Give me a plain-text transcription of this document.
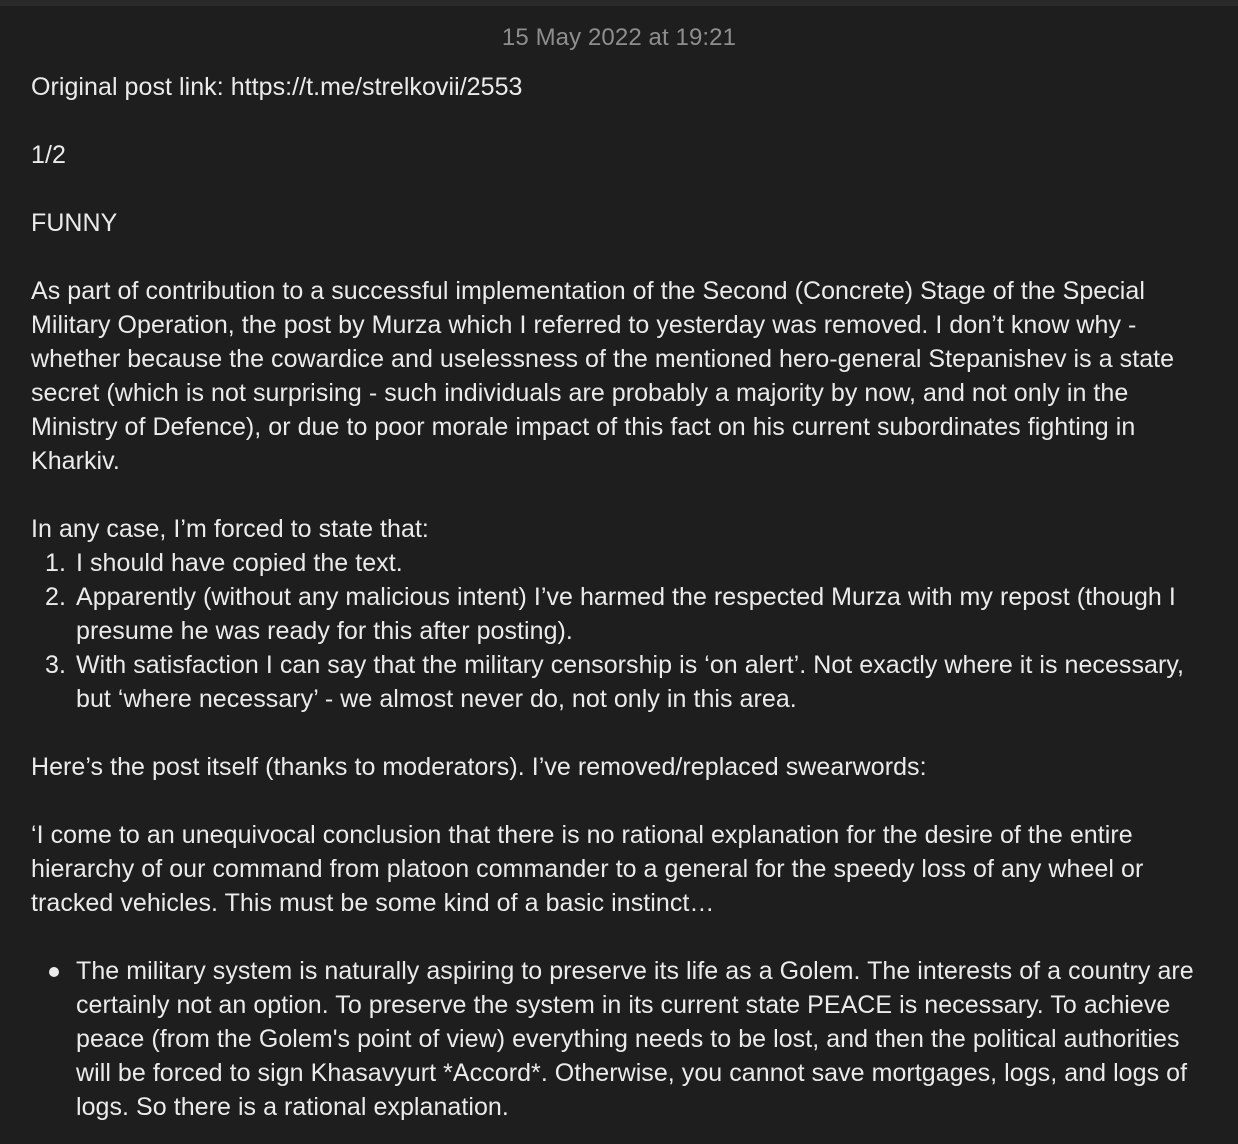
15 May 2022 at 19:21

Original post link: https://t.me/strelkovii/2553

1/2

FUNNY

As part of contribution to a successful implementation of the Second (Concrete) Stage of the Special Military Operation, the post by Murza which I referred to yesterday was removed. I don’t know why - whether because the cowardice and uselessness of the mentioned hero-general Stepanishev is a state secret (which is not surprising - such individuals are probably a majority by now, and not only in the Ministry of Defence), or due to poor morale impact of this fact on his current subordinates fighting in Kharkiv.

In any case, I’m forced to state that:

1. I should have copied the text.
2. Apparently (without any malicious intent) I’ve harmed the respected Murza with my repost (though I presume he was ready for this after posting).
3. With satisfaction I can say that the military censorship is ‘on alert’. Not exactly where it is necessary, but ‘where necessary’ - we almost never do, not only in this area.

Here’s the post itself (thanks to moderators). I’ve removed/replaced swearwords:

‘I come to an unequivocal conclusion that there is no rational explanation for the desire of the entire hierarchy of our command from platoon commander to a general for the speedy loss of any wheel or tracked vehicles. This must be some kind of a basic instinct…

The military system is naturally aspiring to preserve its life as a Golem. The interests of a country are certainly not an option. To preserve the system in its current state PEACE is necessary. To achieve peace (from the Golem's point of view) everything needs to be lost, and then the political authorities will be forced to sign Khasavyurt *Accord*. Otherwise, you cannot save mortgages, logs, and logs of logs. So there is a rational explanation.
